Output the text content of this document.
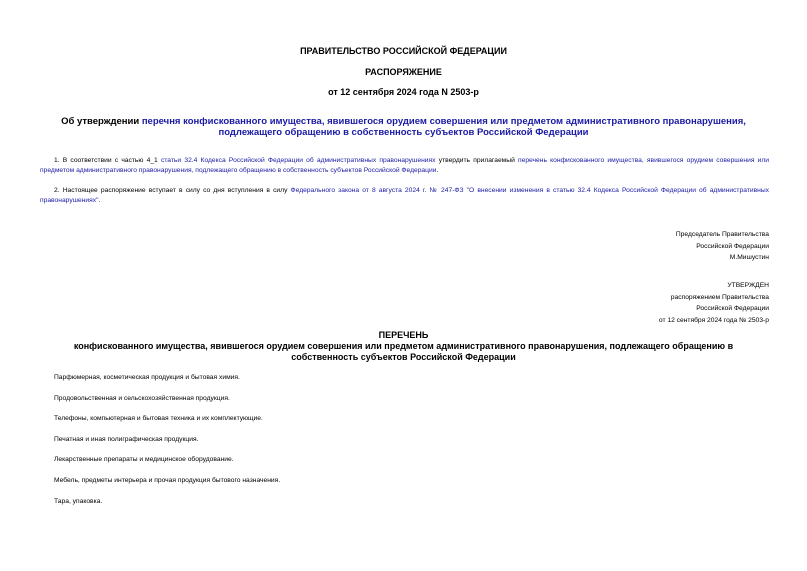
ПРАВИТЕЛЬСТВО РОССИЙСКОЙ ФЕДЕРАЦИИ
РАСПОРЯЖЕНИЕ
от 12 сентября 2024 года N 2503-р
Об утверждении перечня конфискованного имущества, явившегося орудием совершения или предметом административного правонарушения, подлежащего обращению в собственность субъектов Российской Федерации
1. В соответствии с частью 4_1 статьи 32.4 Кодекса Российской Федерации об административных правонарушениях утвердить прилагаемый перечень конфискованного имущества, явившегося орудием совершения или предметом административного правонарушения, подлежащего обращению в собственность субъектов Российской Федерации.
2. Настоящее распоряжение вступает в силу со дня вступления в силу Федерального закона от 8 августа 2024 г. № 247-ФЗ "О внесении изменения в статью 32.4 Кодекса Российской Федерации об административных правонарушениях".
Председатель Правительства
Российской Федерации
М.Мишустин
УТВЕРЖДЕН
распоряжением Правительства
Российской Федерации
от 12 сентября 2024 года № 2503-р
ПЕРЕЧЕНЬ
конфискованного имущества, явившегося орудием совершения или предметом административного правонарушения, подлежащего обращению в собственность субъектов Российской Федерации
Парфюмерная, косметическая продукция и бытовая химия.
Продовольственная и сельскохозяйственная продукция.
Телефоны, компьютерная и бытовая техника и их комплектующие.
Печатная и иная полиграфическая продукция.
Лекарственные препараты и медицинское оборудование.
Мебель, предметы интерьера и прочая продукция бытового назначения.
Тара, упаковка.
